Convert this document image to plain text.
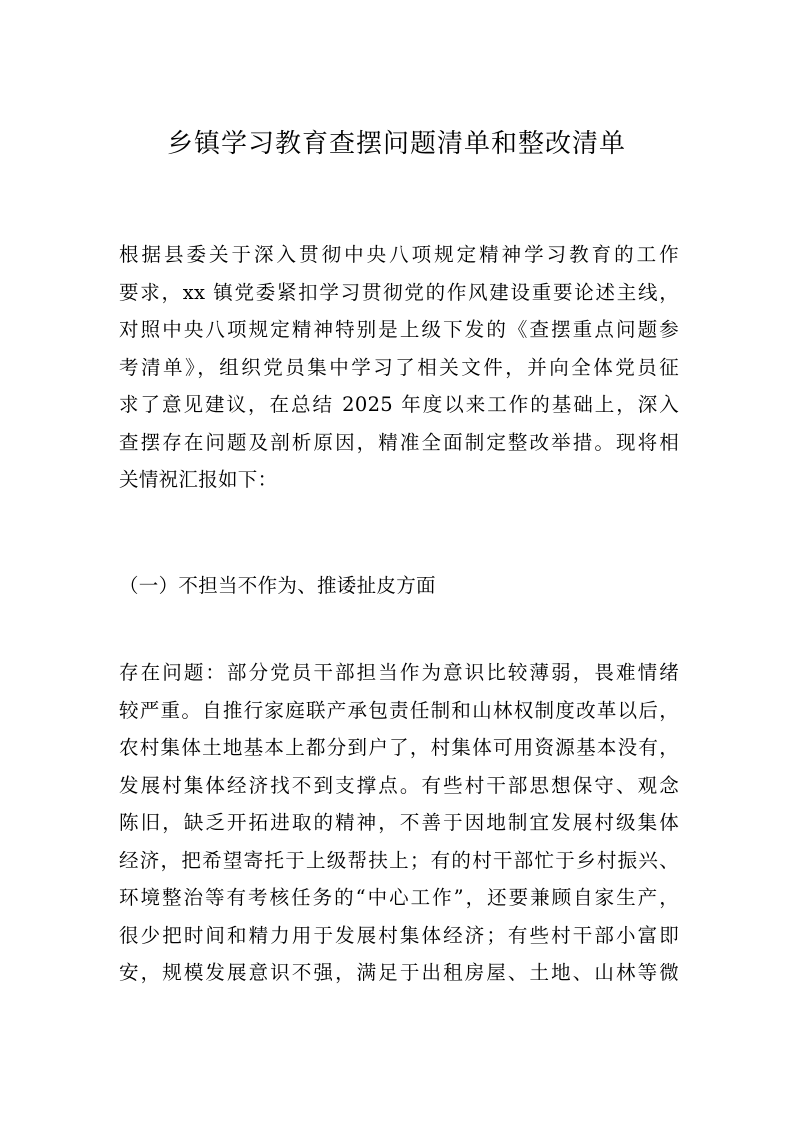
乡镇学习教育查摆问题清单和整改清单
根据县委关于深入贯彻中央八项规定精神学习教育的工作
要求，xx 镇党委紧扣学习贯彻党的作风建设重要论述主线，
对照中央八项规定精神特别是上级下发的《查摆重点问题参
考清单》，组织党员集中学习了相关文件，并向全体党员征
求了意见建议，在总结 2025 年度以来工作的基础上，深入
查摆存在问题及剖析原因，精准全面制定整改举措。现将相
关情祝汇报如下：
（一）不担当不作为、推诿扯皮方面
存在问题：部分党员干部担当作为意识比较薄弱，畏难情绪
较严重。自推行家庭联产承包责任制和山林权制度改革以后，
农村集体土地基本上都分到户了，村集体可用资源基本没有，
发展村集体经济找不到支撑点。有些村干部思想保守、观念
陈旧，缺乏开拓进取的精神，不善于因地制宜发展村级集体
经济，把希望寄托于上级帮扶上；有的村干部忙于乡村振兴、
环境整治等有考核任务的“中心工作”，还要兼顾自家生产，
很少把时间和精力用于发展村集体经济；有些村干部小富即
安，规模发展意识不强，满足于出租房屋、土地、山林等微
